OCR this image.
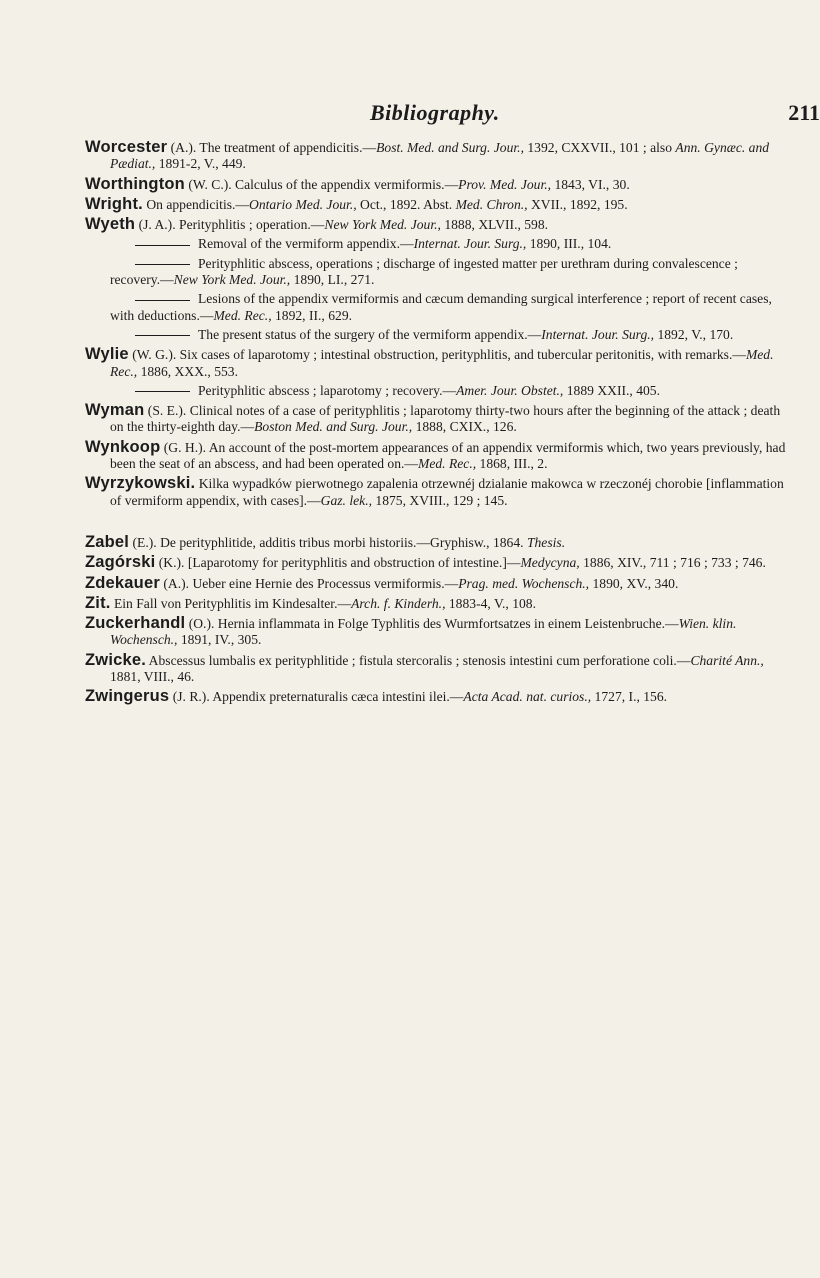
Bibliography.	211

Worcester (A.). The treatment of appendicitis.—Bost. Med. and Surg. Jour., 1392, CXXVII., 101 ; also Ann. Gynæc. and Pædiat., 1891-2, V., 449.

Worthington (W. C.). Calculus of the appendix vermiformis.—Prov. Med. Jour., 1843, VI., 30.

Wright. On appendicitis.—Ontario Med. Jour., Oct., 1892. Abst. Med. Chron., XVII., 1892, 195.

Wyeth (J. A.). Perityphlitis ; operation.—New York Med. Jour., 1888, XLVII., 598.

Removal of the vermiform appendix.—Internat. Jour. Surg., 1890, III., 104.

Perityphlitic abscess, operations ; discharge of ingested matter per urethram during convalescence ; recovery.—New York Med. Jour., 1890, LI., 271.

Lesions of the appendix vermiformis and cæcum demanding surgical interference ; report of recent cases, with deductions.—Med. Rec., 1892, II., 629.

The present status of the surgery of the vermiform appendix.—Internat. Jour. Surg., 1892, V., 170.

Wylie (W. G.). Six cases of laparotomy ; intestinal obstruction, perityphlitis, and tubercular peritonitis, with remarks.—Med. Rec., 1886, XXX., 553.

Perityphlitic abscess ; laparotomy ; recovery.—Amer. Jour. Obstet., 1889 XXII., 405.

Wyman (S. E.). Clinical notes of a case of perityphlitis ; laparotomy thirty-two hours after the beginning of the attack ; death on the thirty-eighth day.—Boston Med. and Surg. Jour., 1888, CXIX., 126.

Wynkoop (G. H.). An account of the post-mortem appearances of an appendix vermiformis which, two years previously, had been the seat of an abscess, and had been operated on.—Med. Rec., 1868, III., 2.

Wyrzykowski. Kilka wypadków pierwotnego zapalenia otrzewnéj dzialanie makowca w rzeczonéj chorobie [inflammation of vermiform appendix, with cases].—Gaz. lek., 1875, XVIII., 129 ; 145.

Zabel (E.). De perityphlitide, additis tribus morbi historiis.—Gryphisw., 1864. Thesis.

Zagórski (K.). [Laparotomy for perityphlitis and obstruction of intestine.]—Medycyna, 1886, XIV., 711 ; 716 ; 733 ; 746.

Zdekauer (A.). Ueber eine Hernie des Processus vermiformis.—Prag. med. Wochensch., 1890, XV., 340.

Zit. Ein Fall von Perityphlitis im Kindesalter.—Arch. f. Kinderh., 1883-4, V., 108.

Zuckerhandl (O.). Hernia inflammata in Folge Typhlitis des Wurmfortsatzes in einem Leistenbruche.—Wien. klin. Wochensch., 1891, IV., 305.

Zwicke. Abscessus lumbalis ex perityphlitide ; fistula stercoralis ; stenosis intestini cum perforatione coli.—Charité Ann., 1881, VIII., 46.

Zwingerus (J. R.). Appendix preternaturalis cæca intestini ilei.—Acta Acad. nat. curios., 1727, I., 156.
